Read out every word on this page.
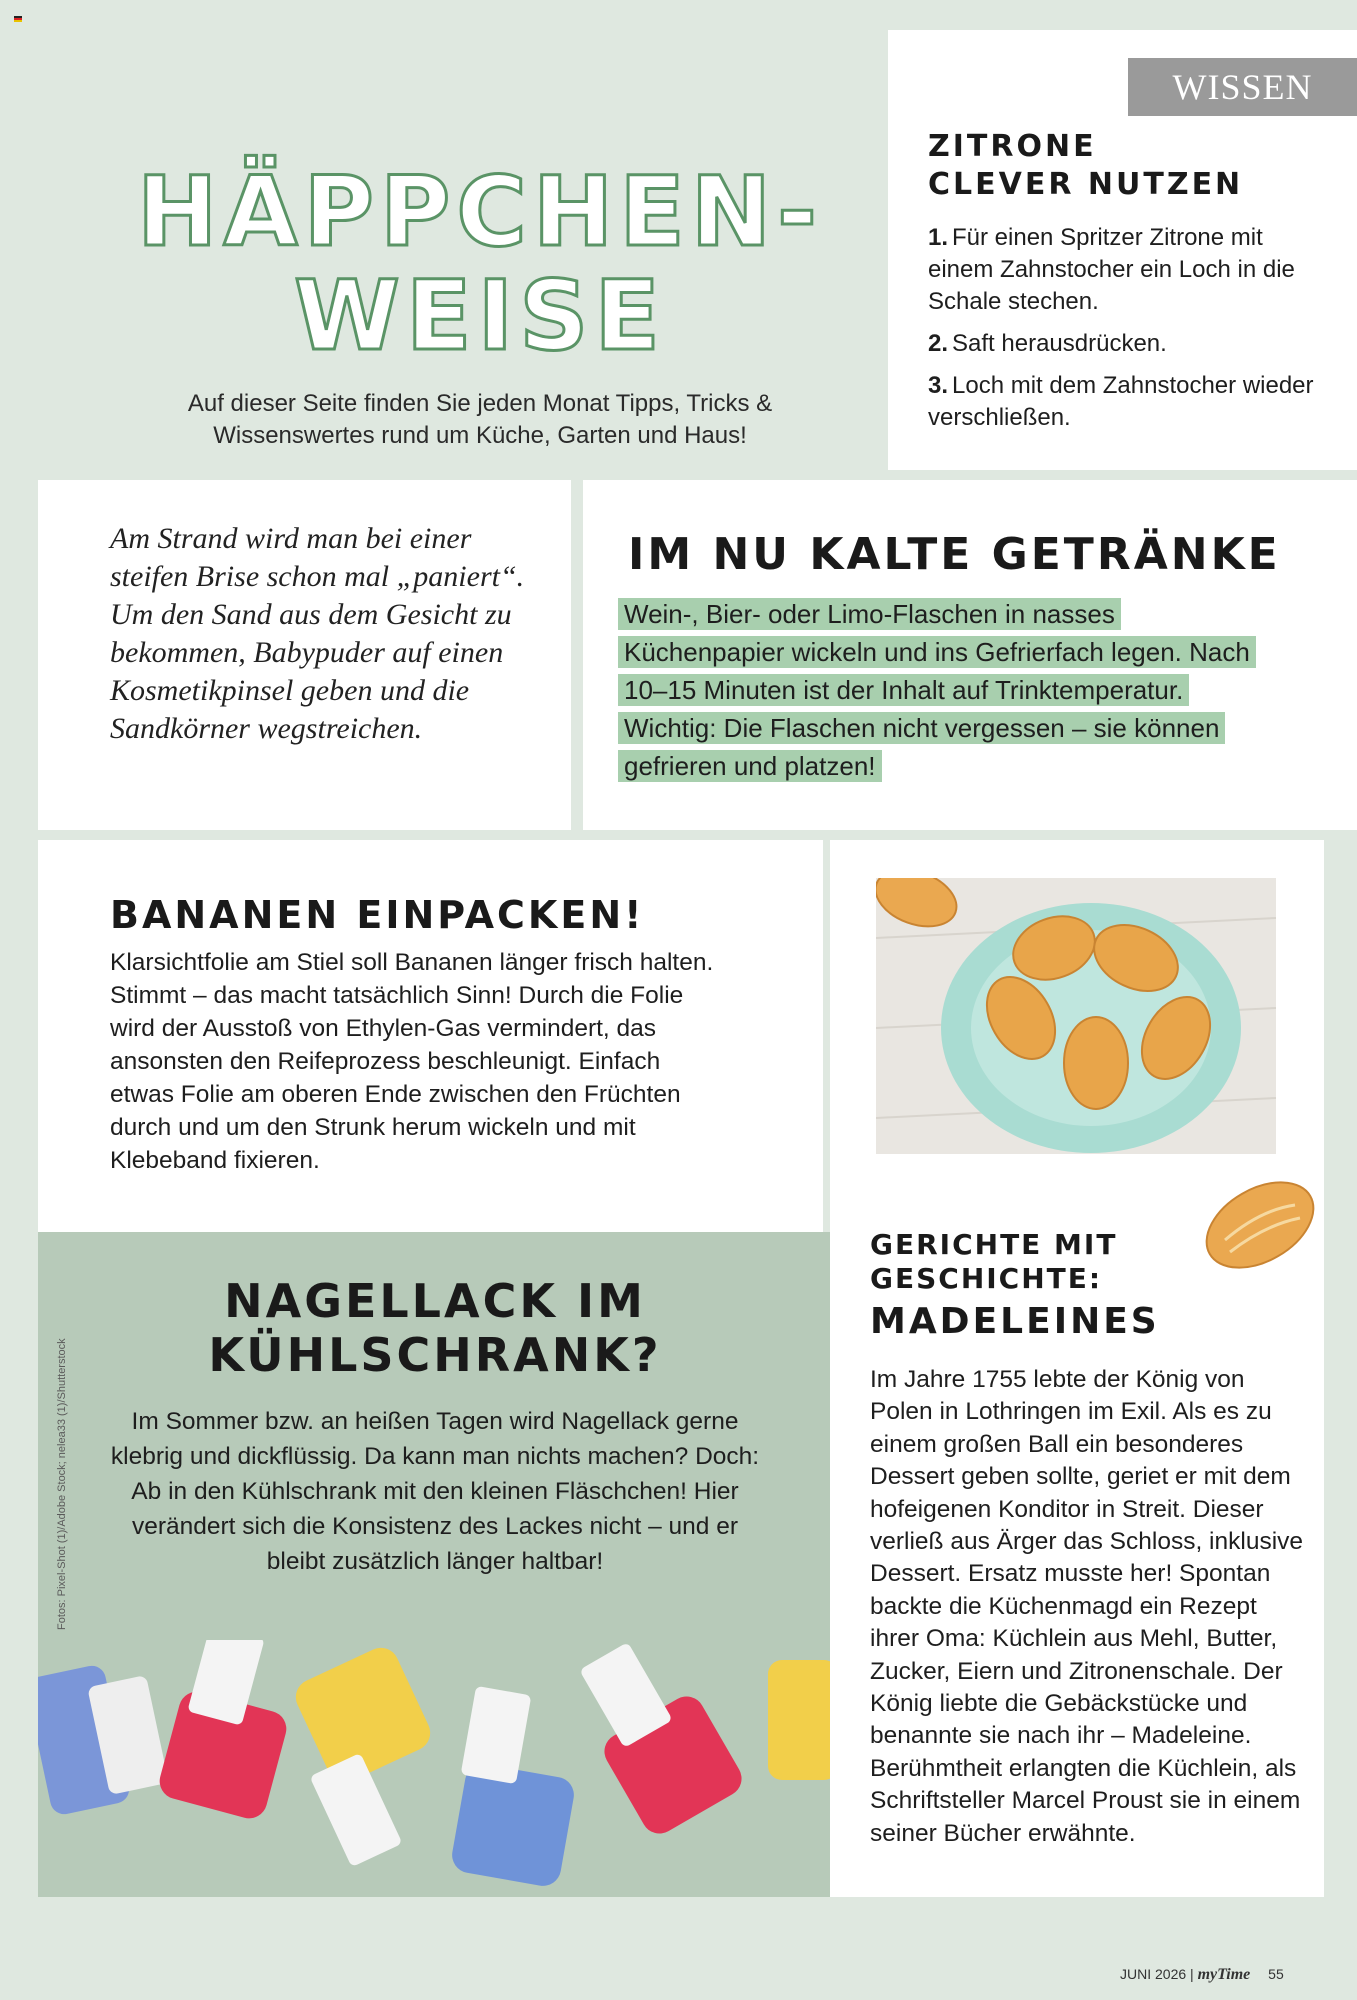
HÄPPCHEN-
WEISE
Auf dieser Seite finden Sie jeden Monat Tipps, Tricks & Wissenswertes rund um Küche, Garten und Haus!
WISSEN
ZITRONE
CLEVER NUTZEN
1. Für einen Spritzer Zitrone mit einem Zahnstocher ein Loch in die Schale stechen.
2. Saft herausdrücken.
3. Loch mit dem Zahnstocher wieder verschließen.

Am Strand wird man bei einer steifen Brise schon mal „paniert“. Um den Sand aus dem Gesicht zu bekommen, Babypuder auf einen Kosmetikpinsel geben und die Sandkörner wegstreichen.

IM NU KALTE GETRÄNKE

Wein-, Bier- oder Limo-Flaschen in nasses Küchenpapier wickeln und ins Gefrierfach legen. Nach 10–15 Minuten ist der Inhalt auf Trinktemperatur. Wichtig: Die Flaschen nicht vergessen – sie können gefrieren und platzen!

BANANEN EINPACKEN!

Klarsichtfolie am Stiel soll Bananen länger frisch halten. Stimmt – das macht tatsächlich Sinn! Durch die Folie wird der Ausstoß von Ethylen-Gas vermindert, das ansonsten den Reifeprozess beschleunigt. Einfach etwas Folie am oberen Ende zwischen den Früchten durch und um den Strunk herum wickeln und mit Klebeband fixieren.

GERICHTE MIT
GESCHICHTE:
MADELEINES

Im Jahre 1755 lebte der König von Polen in Lothringen im Exil. Als es zu einem großen Ball ein besonderes Dessert geben sollte, geriet er mit dem hofeigenen Konditor in Streit. Dieser verließ aus Ärger das Schloss, inklusive Dessert. Ersatz musste her! Spontan backte die Küchenmagd ein Rezept ihrer Oma: Küchlein aus Mehl, Butter, Zucker, Eiern und Zitronenschale. Der König liebte die Gebäckstücke und benannte sie nach ihr – Madeleine. Berühmtheit erlangten die Küchlein, als Schriftsteller Marcel Proust sie in einem seiner Bücher erwähnte.

NAGELLACK IM
KÜHLSCHRANK?

Im Sommer bzw. an heißen Tagen wird Nagellack gerne klebrig und dickflüssig. Da kann man nichts machen? Doch: Ab in den Kühlschrank mit den kleinen Fläschchen! Hier verändert sich die Konsistenz des Lackes nicht – und er bleibt zusätzlich länger haltbar!

Fotos: Pixel-Shot (1)/Adobe Stock; nelea33 (1)/Shutterstock
JUNI 2026 | myTime 55
